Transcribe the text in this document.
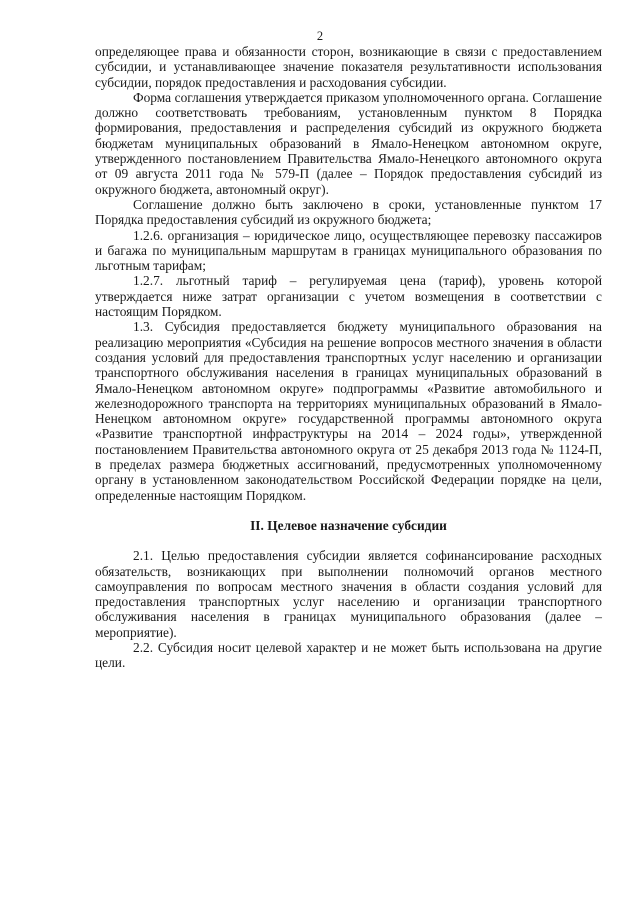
2

определяющее права и обязанности сторон, возникающие в связи с предоставлением субсидии, и устанавливающее значение показателя результативности использования субсидии, порядок предоставления и расходования субсидии.

Форма соглашения утверждается приказом уполномоченного органа. Соглашение должно соответствовать требованиям, установленным пунктом 8 Порядка формирования, предоставления и распределения субсидий из окружного бюджета бюджетам муниципальных образований в Ямало-Ненецком автономном округе, утвержденного постановлением Правительства Ямало-Ненецкого автономного округа от 09 августа 2011 года № 579-П (далее – Порядок предоставления субсидий из окружного бюджета, автономный округ).

Соглашение должно быть заключено в сроки, установленные пунктом 17 Порядка предоставления субсидий из окружного бюджета;

1.2.6. организация – юридическое лицо, осуществляющее перевозку пассажиров и багажа по муниципальным маршрутам в границах муниципального образования по льготным тарифам;

1.2.7. льготный тариф – регулируемая цена (тариф), уровень которой утверждается ниже затрат организации с учетом возмещения в соответствии с настоящим Порядком.

1.3. Субсидия предоставляется бюджету муниципального образования на реализацию мероприятия «Субсидия на решение вопросов местного значения в области создания условий для предоставления транспортных услуг населению и организации транспортного обслуживания населения в границах муниципальных образований в Ямало-Ненецком автономном округе» подпрограммы «Развитие автомобильного и железнодорожного транспорта на территориях муниципальных образований в Ямало-Ненецком автономном округе» государственной программы автономного округа «Развитие транспортной инфраструктуры на 2014 – 2024 годы», утвержденной постановлением Правительства автономного округа от 25 декабря 2013 года № 1124-П, в пределах размера бюджетных ассигнований, предусмотренных уполномоченному органу в установленном законодательством Российской Федерации порядке на цели, определенные настоящим Порядком.

II. Целевое назначение субсидии

2.1. Целью предоставления субсидии является софинансирование расходных обязательств, возникающих при выполнении полномочий органов местного самоуправления по вопросам местного значения в области создания условий для предоставления транспортных услуг населению и организации транспортного обслуживания населения в границах муниципального образования (далее – мероприятие).

2.2. Субсидия носит целевой характер и не может быть использована на другие цели.
